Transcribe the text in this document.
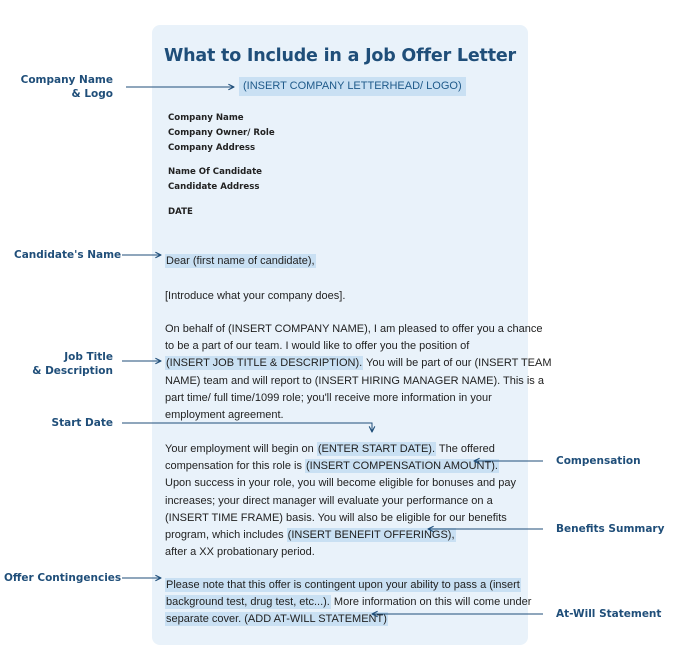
What to Include in a Job Offer Letter
(INSERT COMPANY LETTERHEAD/ LOGO)
Company Name
Company Owner/ Role
Company Address
Name Of Candidate
Candidate Address
DATE
Dear (first name of candidate),
[Introduce what your company does].

On behalf of (INSERT COMPANY NAME), I am pleased to offer you a chance

to be a part of our team. I would like to offer you the position of

(INSERT JOB TITLE & DESCRIPTION). You will be part of our (INSERT TEAM

NAME) team and will report to (INSERT HIRING MANAGER NAME). This is a

part time/ full time/1099 role; you'll receive more information in your

employment agreement.

Your employment will begin on (ENTER START DATE). The offered

compensation for this role is (INSERT COMPENSATION AMOUNT).

Upon success in your role, you will become eligible for bonuses and pay

increases; your direct manager will evaluate your performance on a

(INSERT TIME FRAME) basis. You will also be eligible for our benefits

program, which includes (INSERT BENEFIT OFFERINGS),

after a XX probationary period.

Please note that this offer is contingent upon your ability to pass a (insert

background test, drug test, etc...). More information on this will come under

separate cover. (ADD AT-WILL STATEMENT)

Company Name
& Logo
Candidate's Name
Job Title
& Description
Start Date
Offer Contingencies
Compensation
Benefits Summary
At-Will Statement
